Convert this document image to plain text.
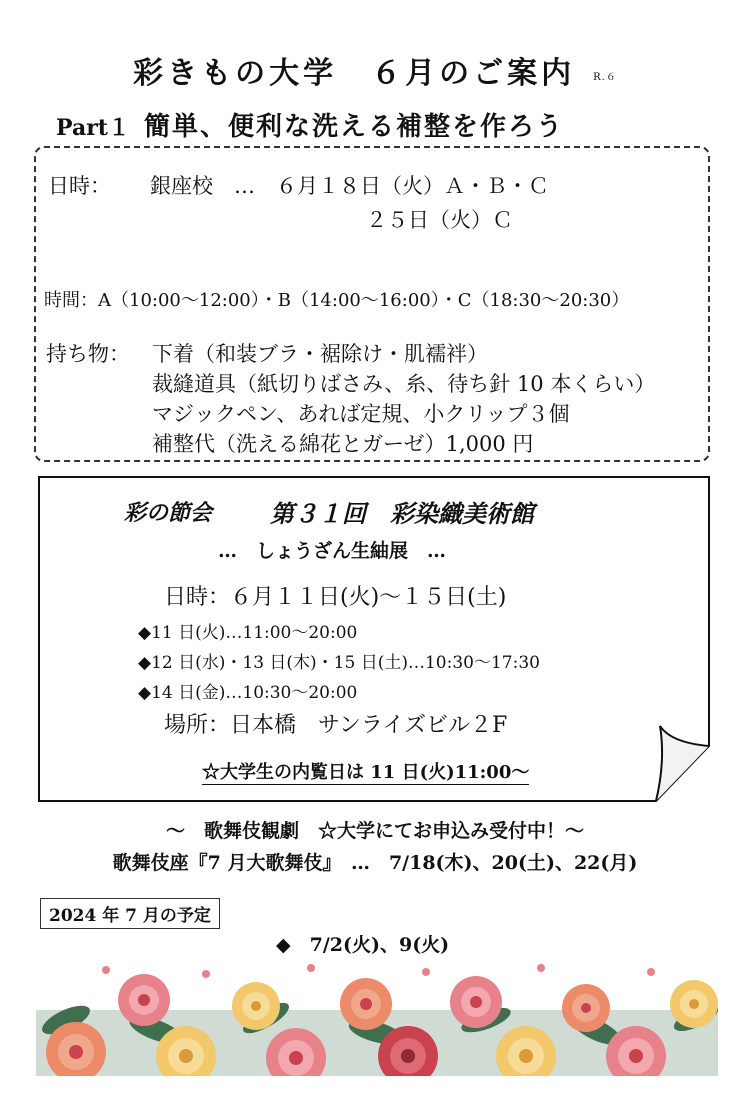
彩きもの大学　６月のご案内 R.６
Part１ 簡単、便利な洗える補整を作ろう
日時： 銀座校　…　６月１８日（火）Ａ・Ｂ・Ｃ
２５日（火）Ｃ
時間：A（10:00〜12:00）・B（14:00〜16:00）・C（18:30〜20:30）
持ち物： 下着（和装ブラ・裾除け・肌襦袢）
裁縫道具（紙切りばさみ、糸、待ち針 10 本くらい）
マジックペン、あれば定規、小クリップ３個
補整代（洗える綿花とガーゼ）1,000 円
彩の節会 第３１回　彩染織美術館
…　しょうざん生紬展　…
日時：６月１１日(火)〜１５日(土)
◆11 日(火)…11:00〜20:00
◆12 日(水)・13 日(木)・15 日(土)…10:30〜17:30
◆14 日(金)…10:30〜20:00
場所：日本橋　サンライズビル２F
☆大学生の内覧日は 11 日(火)11:00〜
〜　歌舞伎観劇　☆大学にてお申込み受付中！〜
歌舞伎座『7 月大歌舞伎』　…　7/18(木)、20(土)、22(月)
2024 年 7 月の予定
◆　7/2(火)、9(火)
